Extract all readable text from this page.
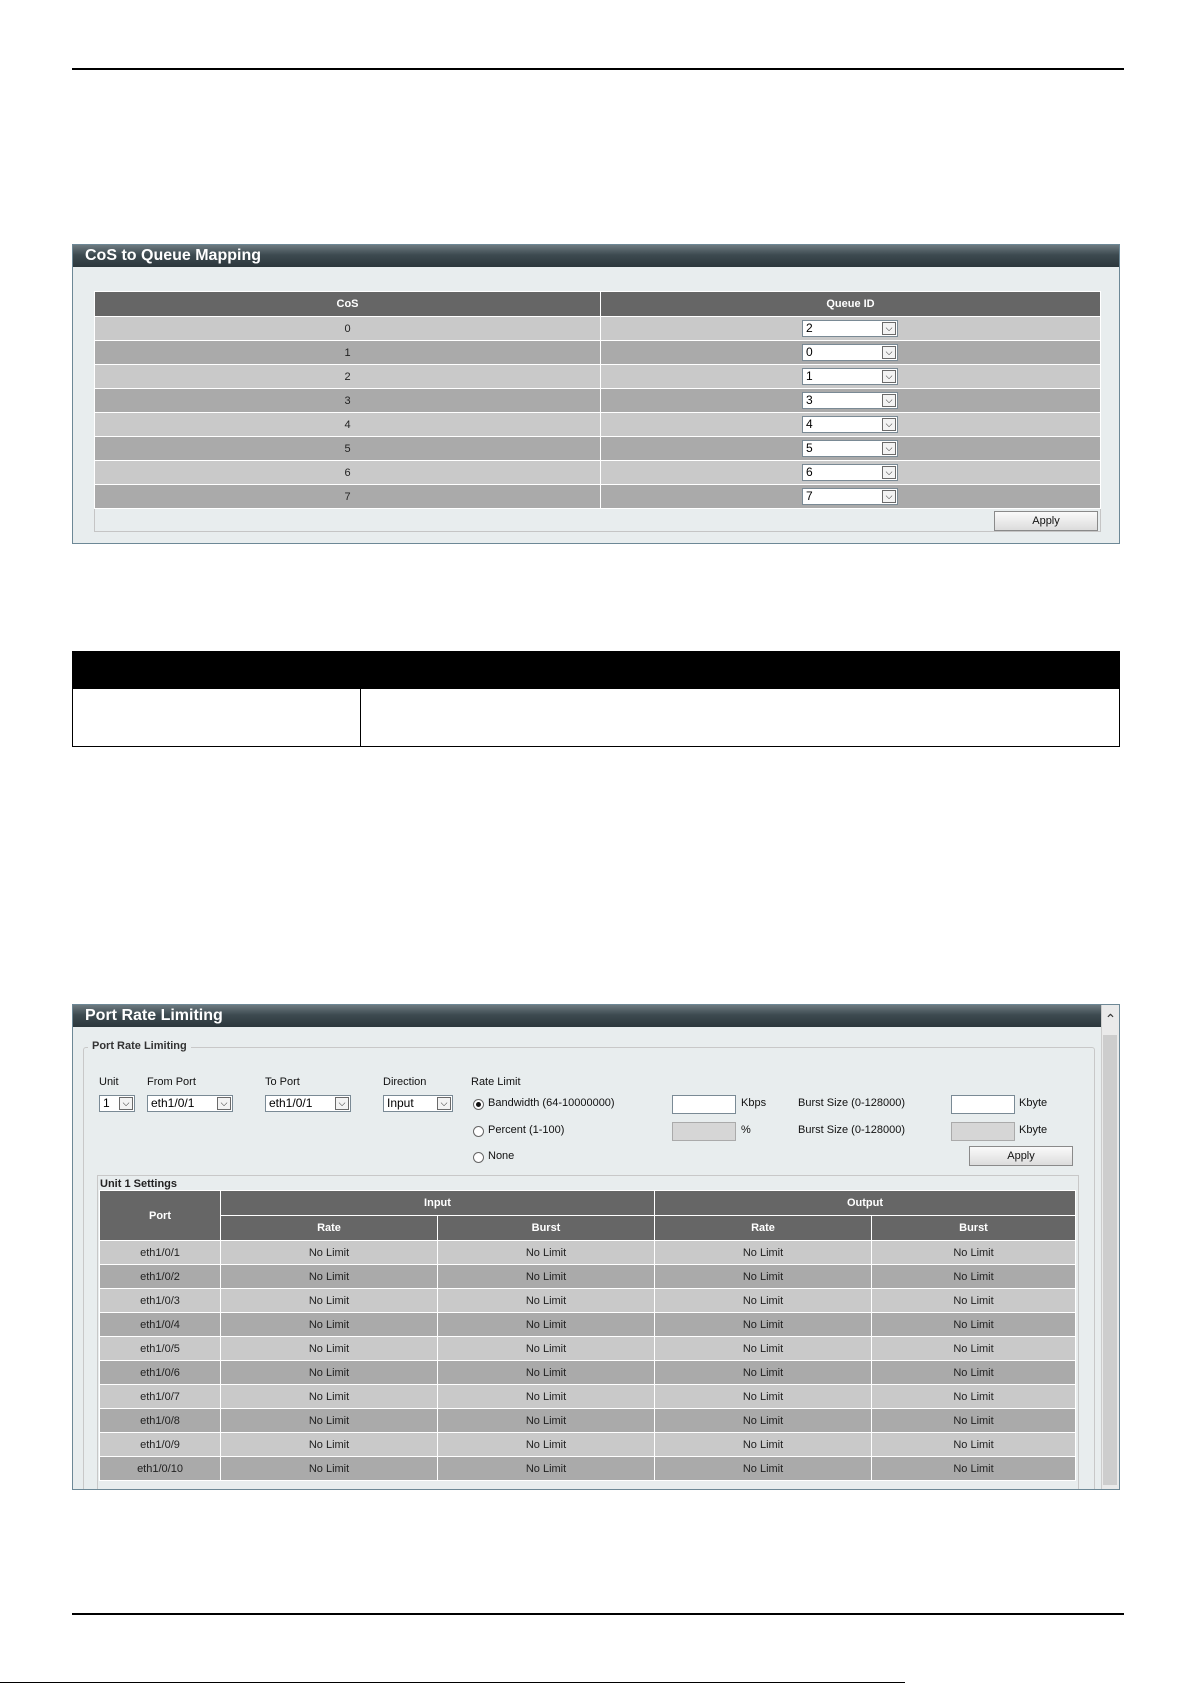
CoS to Queue Mapping
CoS	Queue ID
0	2 ⌵

1	0 ⌵

2	1 ⌵

3	3 ⌵

4	4 ⌵

5	5 ⌵

6	6 ⌵

7	7 ⌵

Apply	
Port Rate Limiting	⌃
Port Rate Limiting
Unit	From Port	To Port	Direction	Rate Limit
1	⌵	eth1/0/1	⌵	eth1/0/1	⌵	Input	⌵	Bandwidth (64-10000000)
Percent (1-100)
None
Kbps	Burst Size (0-128000)	Kbyte
%	Burst Size (0-128000)	Kbyte
Apply
Unit 1 Settings
Port	Input		Output	
	Rate	Burst	Rate	Burst
eth1/0/1	No Limit	No Limit	No Limit	No Limit
eth1/0/2	No Limit	No Limit	No Limit	No Limit
eth1/0/3	No Limit	No Limit	No Limit	No Limit
eth1/0/4	No Limit	No Limit	No Limit	No Limit
eth1/0/5	No Limit	No Limit	No Limit	No Limit
eth1/0/6	No Limit	No Limit	No Limit	No Limit
eth1/0/7	No Limit	No Limit	No Limit	No Limit
eth1/0/8	No Limit	No Limit	No Limit	No Limit
eth1/0/9	No Limit	No Limit	No Limit	No Limit
eth1/0/10	No Limit	No Limit	No Limit	No Limit
